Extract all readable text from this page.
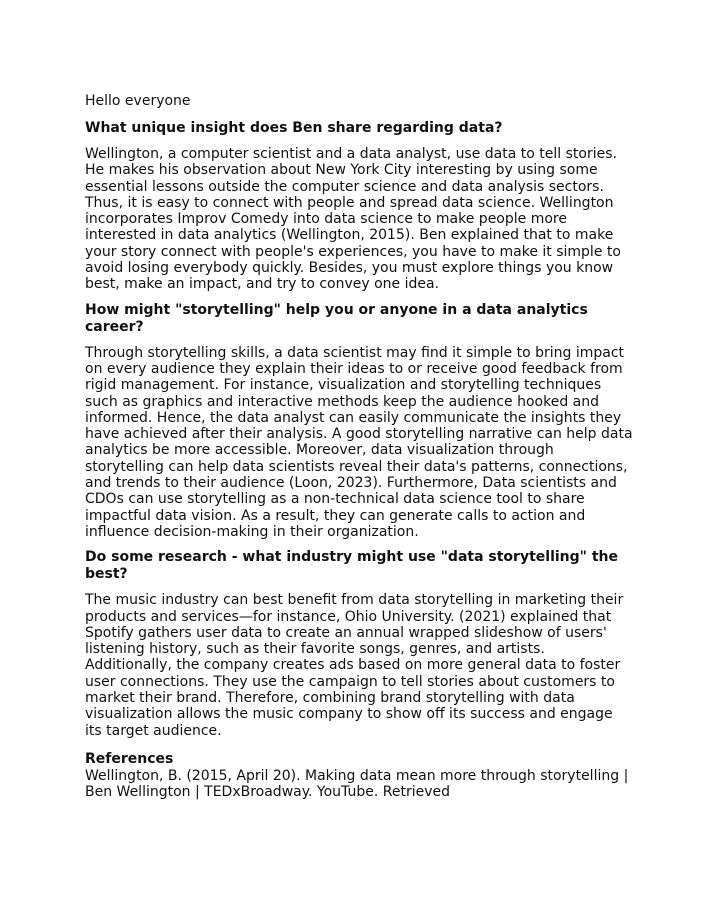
Hello everyone

What unique insight does Ben share regarding data?

Wellington, a computer scientist and a data analyst, use data to tell stories. He makes his observation about New York City interesting by using some essential lessons outside the computer science and data analysis sectors. Thus, it is easy to connect with people and spread data science. Wellington incorporates Improv Comedy into data science to make people more interested in data analytics (Wellington, 2015). Ben explained that to make your story connect with people's experiences, you have to make it simple to avoid losing everybody quickly. Besides, you must explore things you know best, make an impact, and try to convey one idea.

How might "storytelling" help you or anyone in a data analytics career?

Through storytelling skills, a data scientist may find it simple to bring impact on every audience they explain their ideas to or receive good feedback from rigid management. For instance, visualization and storytelling techniques such as graphics and interactive methods keep the audience hooked and informed. Hence, the data analyst can easily communicate the insights they have achieved after their analysis. A good storytelling narrative can help data analytics be more accessible. Moreover, data visualization through storytelling can help data scientists reveal their data's patterns, connections, and trends to their audience (Loon, 2023). Furthermore, Data scientists and CDOs can use storytelling as a non-technical data science tool to share impactful data vision. As a result, they can generate calls to action and influence decision-making in their organization.

Do some research - what industry might use "data storytelling" the best?

The music industry can best benefit from data storytelling in marketing their products and services—for instance, Ohio University. (2021) explained that Spotify gathers user data to create an annual wrapped slideshow of users' listening history, such as their favorite songs, genres, and artists. Additionally, the company creates ads based on more general data to foster user connections. They use the campaign to tell stories about customers to market their brand. Therefore, combining brand storytelling with data visualization allows the music company to show off its success and engage its target audience.

References

Wellington, B. (2015, April 20). Making data mean more through storytelling | Ben Wellington | TEDxBroadway. YouTube. Retrieved
